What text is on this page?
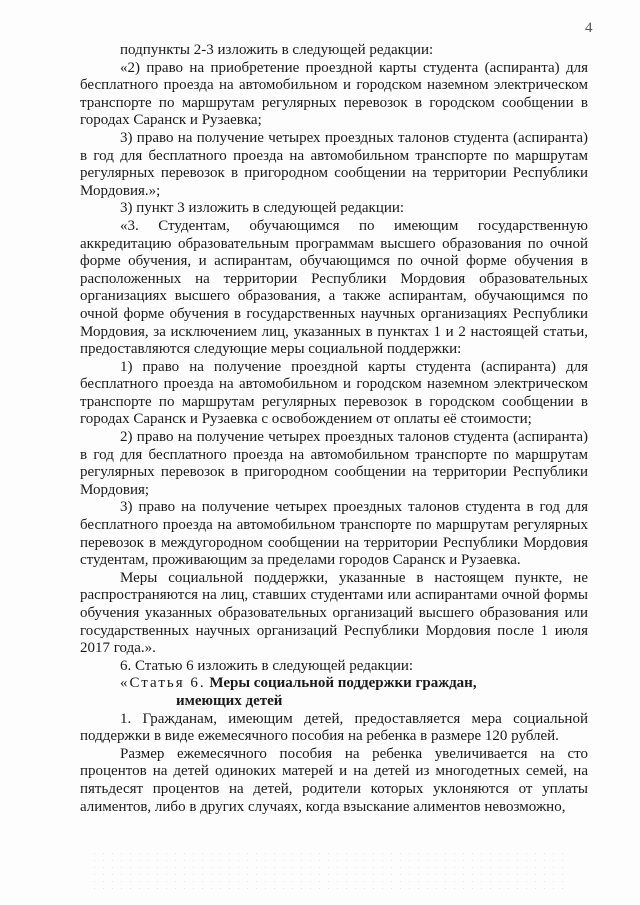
4

подпункты 2-3 изложить в следующей редакции:

«2) право на приобретение проездной карты студента (аспиранта) для бесплатного проезда на автомобильном и городском наземном электрическом транспорте по маршрутам регулярных перевозок в городском сообщении в городах Саранск и Рузаевка;

3) право на получение четырех проездных талонов студента (аспиранта) в год для бесплатного проезда на автомобильном транспорте по маршрутам регулярных перевозок в пригородном сообщении на территории Республики Мордовия.»;

3) пункт 3 изложить в следующей редакции:

«3. Студентам, обучающимся по имеющим государственную аккредитацию образовательным программам высшего образования по очной форме обучения, и аспирантам, обучающимся по очной форме обучения в расположенных на территории Республики Мордовия образовательных организациях высшего образования, а также аспирантам, обучающимся по очной форме обучения в государственных научных организациях Республики Мордовия, за исключением лиц, указанных в пунктах 1 и 2 настоящей статьи, предоставляются следующие меры социальной поддержки:

1) право на получение проездной карты студента (аспиранта) для бесплатного проезда на автомобильном и городском наземном электрическом транспорте по маршрутам регулярных перевозок в городском сообщении в городах Саранск и Рузаевка с освобождением от оплаты её стоимости;

2) право на получение четырех проездных талонов студента (аспиранта) в год для бесплатного проезда на автомобильном транспорте по маршрутам регулярных перевозок в пригородном сообщении на территории Республики Мордовия;

3) право на получение четырех проездных талонов студента в год для бесплатного проезда на автомобильном транспорте по маршрутам регулярных перевозок в междугородном сообщении на территории Республики Мордовия студентам, проживающим за пределами городов Саранск и Рузаевка.

Меры социальной поддержки, указанные в настоящем пункте, не распространяются на лиц, ставших студентами или аспирантами очной формы обучения указанных образовательных организаций высшего образования или государственных научных организаций Республики Мордовия после 1 июля 2017 года.».

6. Статью 6 изложить в следующей редакции:

«Статья 6. Меры социальной поддержки граждан,

имеющих детей

1. Гражданам, имеющим детей, предоставляется мера социальной поддержки в виде ежемесячного пособия на ребенка в размере 120 рублей.

Размер ежемесячного пособия на ребенка увеличивается на сто процентов на детей одиноких матерей и на детей из многодетных семей, на пятьдесят процентов на детей, родители которых уклоняются от уплаты алиментов, либо в других случаях, когда взыскание алиментов невозможно,
